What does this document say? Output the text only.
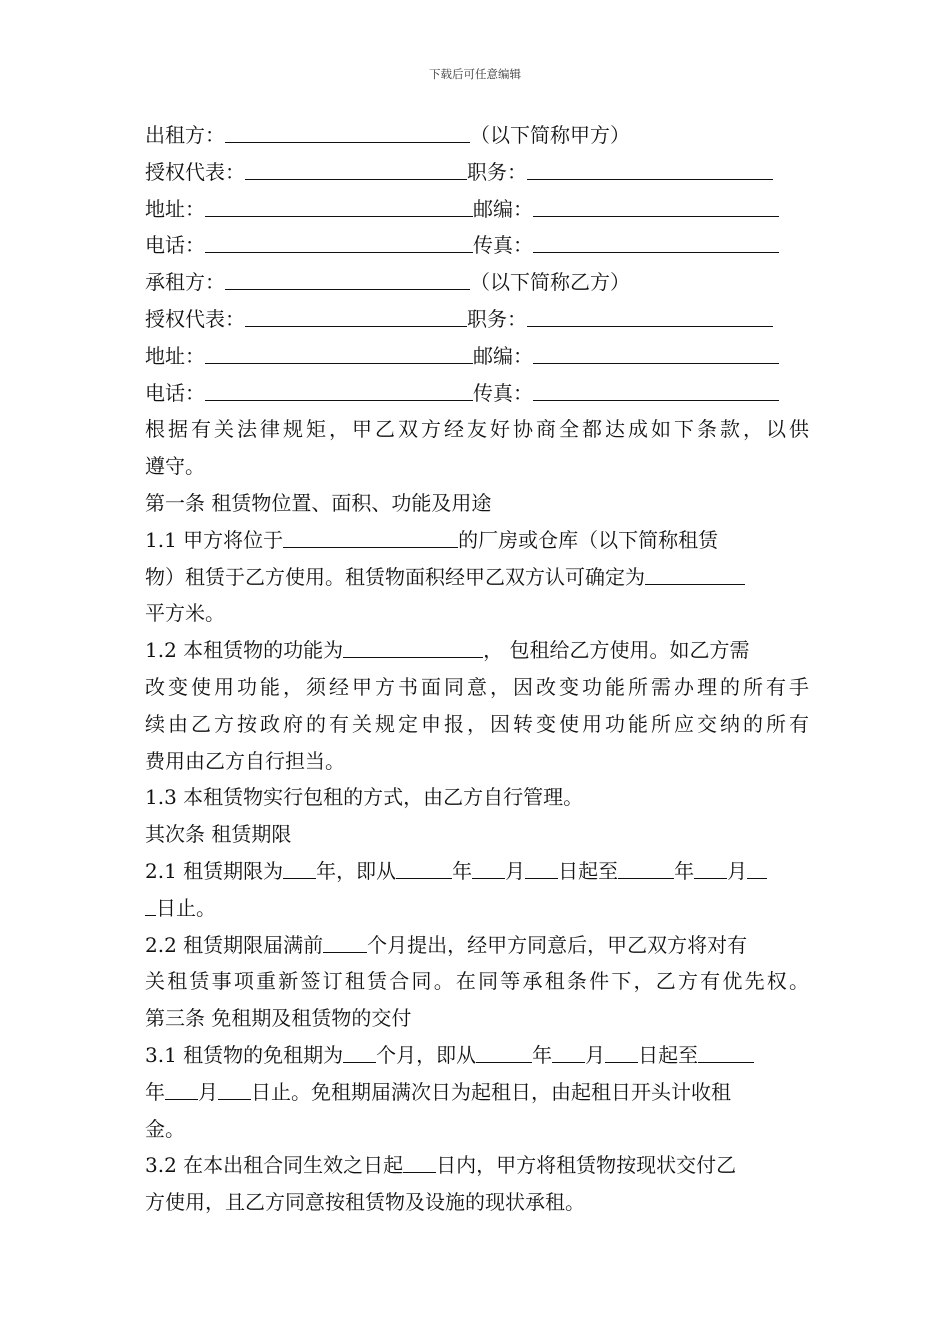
下载后可任意编辑
出租方：	（以下简称甲方）
授权代表：	职务：
地址：	邮编：
电话：	传真：
承租方：	（以下简称乙方）
授权代表：	职务：
地址：	邮编：
电话：	传真：
根据有关法律规矩，甲乙双方经友好协商全都达成如下条款，以供
遵守。
第一条 租赁物位置、面积、功能及用途
1.1 甲方将位于	的厂房或仓库（以下简称租赁
物）租赁于乙方使用。租赁物面积经甲乙双方认可确定为
平方米。
1.2 本租赁物的功能为	， 包租给乙方使用。如乙方需
改变使用功能，须经甲方书面同意，因改变功能所需办理的所有手
续由乙方按政府的有关规定申报，因转变使用功能所应交纳的所有
费用由乙方自行担当。
1.3 本租赁物实行包租的方式，由乙方自行管理。
其次条 租赁期限
2.1 租赁期限为 年，即从	年 月 日起至	年 月
日止。
2.2 租赁期限届满前 个月提出，经甲方同意后，甲乙双方将对有
关租赁事项重新签订租赁合同。在同等承租条件下，乙方有优先权。
第三条 免租期及租赁物的交付
3.1 租赁物的免租期为 个月，即从	年 月 日起至
年 月 日止。免租期届满次日为起租日，由起租日开头计收租
金。
3.2 在本出租合同生效之日起 日内，甲方将租赁物按现状交付乙
方使用，且乙方同意按租赁物及设施的现状承租。
